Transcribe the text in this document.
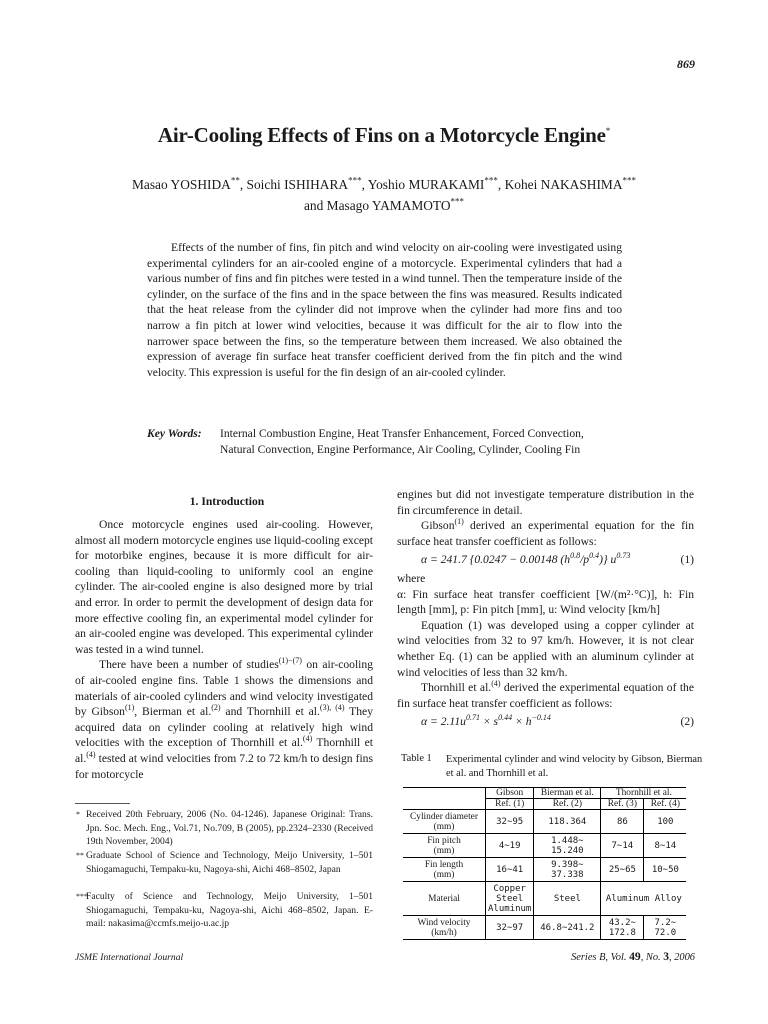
869
Air-Cooling Effects of Fins on a Motorcycle Engine*
Masao YOSHIDA**, Soichi ISHIHARA***, Yoshio MURAKAMI***, Kohei NAKASHIMA***
and Masago YAMAMOTO***
Effects of the number of fins, fin pitch and wind velocity on air-cooling were investigated using experimental cylinders for an air-cooled engine of a motorcycle. Experimental cylinders that had a various number of fins and fin pitches were tested in a wind tunnel. Then the temperature inside of the cylinder, on the surface of the fins and in the space between the fins was measured. Results indicated that the heat release from the cylinder did not improve when the cylinder had more fins and too narrow a fin pitch at lower wind velocities, because it was difficult for the air to flow into the narrower space between the fins, so the temperature between them increased. We also obtained the expression of average fin surface heat transfer coefficient derived from the fin pitch and the wind velocity. This expression is useful for the fin design of an air-cooled cylinder.
Key Words: Internal Combustion Engine, Heat Transfer Enhancement, Forced Convection,
Natural Convection, Engine Performance, Air Cooling, Cylinder, Cooling Fin
1. Introduction

Once motorcycle engines used air-cooling. However, almost all modern motorcycle engines use liquid-cooling except for motorbike engines, because it is more difficult for air-cooling than liquid-cooling to uniformly cool an engine cylinder. The air-cooled engine is also designed more by trial and error. In order to permit the development of design data for more effective cooling fin, an experimental model cylinder for an air-cooled engine was developed. This experimental cylinder was tested in a wind tunnel.

There have been a number of studies$^{(1)-(7)}$ on air-cooling of air-cooled engine fins. Table 1 shows the dimensions and materials of air-cooled cylinders and wind velocity investigated by Gibson$^{(1)}$, Bierman et al.$^{(2)}$ and Thornhill et al.$^{(3), (4)}$ They acquired data on cylinder cooling at relatively high wind velocities with the exception of Thornhill et al.$^{(4)}$ Thornhill et al.$^{(4)}$ tested at wind velocities from 7.2 to 72 km/h to design fins for motorcycle

engines but did not investigate temperature distribution in the fin circumference in detail.

Gibson$^{(1)}$ derived an experimental equation for the fin surface heat transfer coefficient as follows:

α = 241.7 {0.0247 − 0.00148 $(h^{0.8}/p^{0.4})$} $u^{0.73}$	(1)

where

α: Fin surface heat transfer coefficient [W/(m²·°C)], h: Fin length [mm], p: Fin pitch [mm], u: Wind velocity [km/h]

Equation (1) was developed using a copper cylinder at wind velocities from 32 to 97 km/h. However, it is not clear whether Eq. (1) can be applied with an aluminum cylinder at wind velocities of less than 32 km/h.

Thornhill et al.$^{(4)}$ derived the experimental equation of the fin surface heat transfer coefficient as follows:

$\alpha = 2.11u^{0.71} \times s^{0.44} \times h^{-0.14}$	(2)
Table 1 Experimental cylinder and wind velocity by Gibson, Bierman et al. and Thornhill et al.
	Gibson	Bierman et al.	Thornhill et al.	
	Ref. (1)	Ref. (2)	Ref. (3)	Ref. (4)
Cylinder diameter
(mm)	32∼95	118.364	86	100
Fin pitch
(mm)	4∼19	1.448∼
15.240	7∼14	8∼14
Fin length
(mm)	16∼41	9.398∼
37.338	25∼65	10∼50
Material	Copper
Steel
Aluminum	Steel	Aluminum Alloy	
Wind velocity
(km/h)	32∼97	46.8∼241.2	43.2∼
172.8	7.2∼
72.0
* Received 20th February, 2006 (No. 04-1246). Japanese Original: Trans. Jpn. Soc. Mech. Eng., Vol.71, No.709, B (2005), pp.2324–2330 (Received 19th November, 2004)
** Graduate School of Science and Technology, Meijo University, 1–501 Shiogamaguchi, Tempaku-ku, Nagoya-shi, Aichi 468–8502, Japan
***
Faculty of Science and Technology, Meijo University, 1–501 Shiogamaguchi, Tempaku-ku, Nagoya-shi, Aichi 468–8502, Japan. E-mail: nakasima@ccmfs.meijo-u.ac.jp
JSME International Journal	Series B, Vol. 49, No. 3, 2006
